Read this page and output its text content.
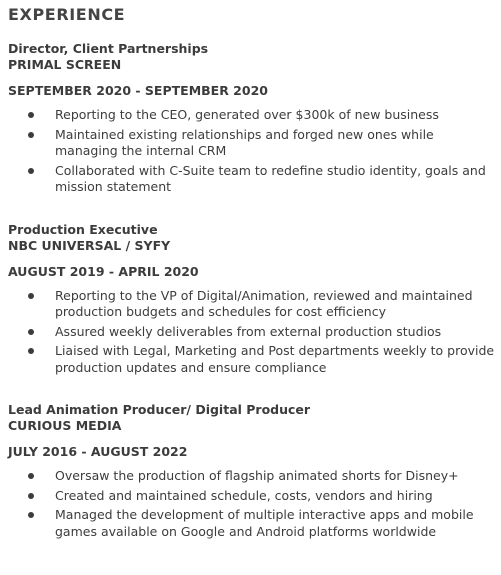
EXPERIENCE
Director, Client Partnerships
PRIMAL SCREEN
SEPTEMBER 2020 - SEPTEMBER 2020
Reporting to the CEO, generated over $300k of new business
Maintained existing relationships and forged new ones while managing the internal CRM
Collaborated with C-Suite team to redefine studio identity, goals and mission statement
Production Executive
NBC UNIVERSAL / SYFY
AUGUST 2019 - APRIL 2020
Reporting to the VP of Digital/Animation, reviewed and maintained production budgets and schedules for cost efficiency
Assured weekly deliverables from external production studios
Liaised with Legal, Marketing and Post departments weekly to provide production updates and ensure compliance
Lead Animation Producer/ Digital Producer
CURIOUS MEDIA
JULY 2016 - AUGUST 2022
Oversaw the production of flagship animated shorts for Disney+
Created and maintained schedule, costs, vendors and hiring
Managed the development of multiple interactive apps and mobile games available on Google and Android platforms worldwide
